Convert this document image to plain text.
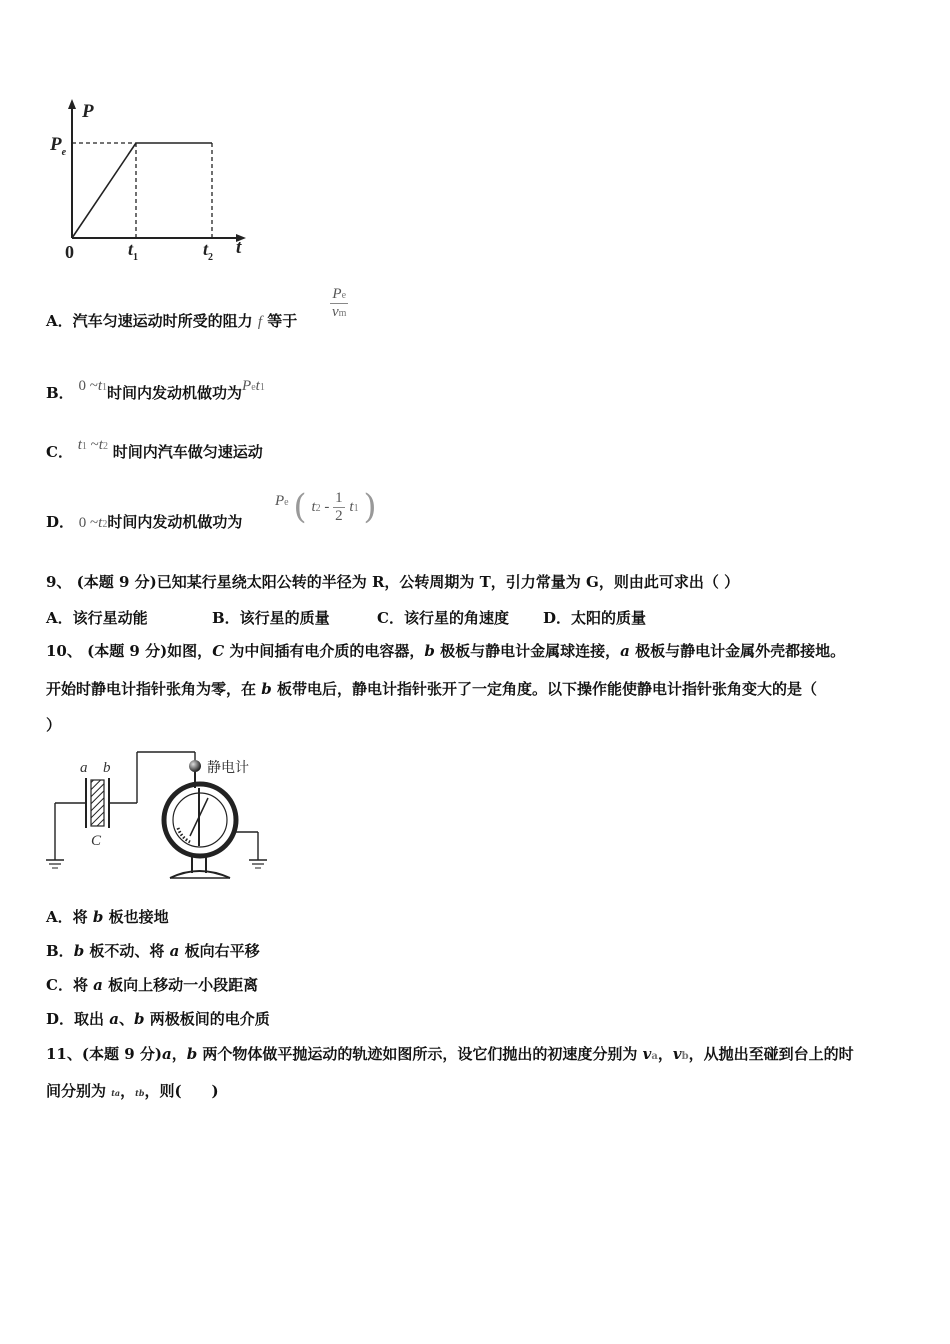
P
$P_e$
0	$t_1$	$t_2$ t
A．汽车匀速运动时所受的阻力 f 等于 $\frac{Pe}{vm}$
B． 0 ~t1时间内发动机做功为Pet1
C． t1 ~t2 时间内汽车做匀速运动
D． 0 ~t2时间内发动机做功为
Pe ( $t2 - \frac{1}{2} t1$ )
9、 (本题 9 分)已知某行星绕太阳公转的半径为 R，公转周期为 T，引力常量为 G，则由此可求出（ ）
A．该行星动能	B．该行星的质量	C．该行星的角速度 D．太阳的质量
10、 (本题 9 分)如图，C 为中间插有电介质的电容器，b 极板与静电计金属球连接，a 极板与静电计金属外壳都接地。
开始时静电计指针张角为零，在 b 板带电后，静电计指针张开了一定角度。以下操作能使静电计指针张角变大的是（
）
a b
C
静电计
A．将 b 板也接地
B．b 板不动、将 a 板向右平移
C．将 a 板向上移动一小段距离
D．取出 a、b 两极板间的电介质
11、(本题 9 分)a，b 两个物体做平抛运动的轨迹如图所示，设它们抛出的初速度分别为 va，vb，从抛出至碰到台上的时
间分别为 ta，tb，则(　　)
